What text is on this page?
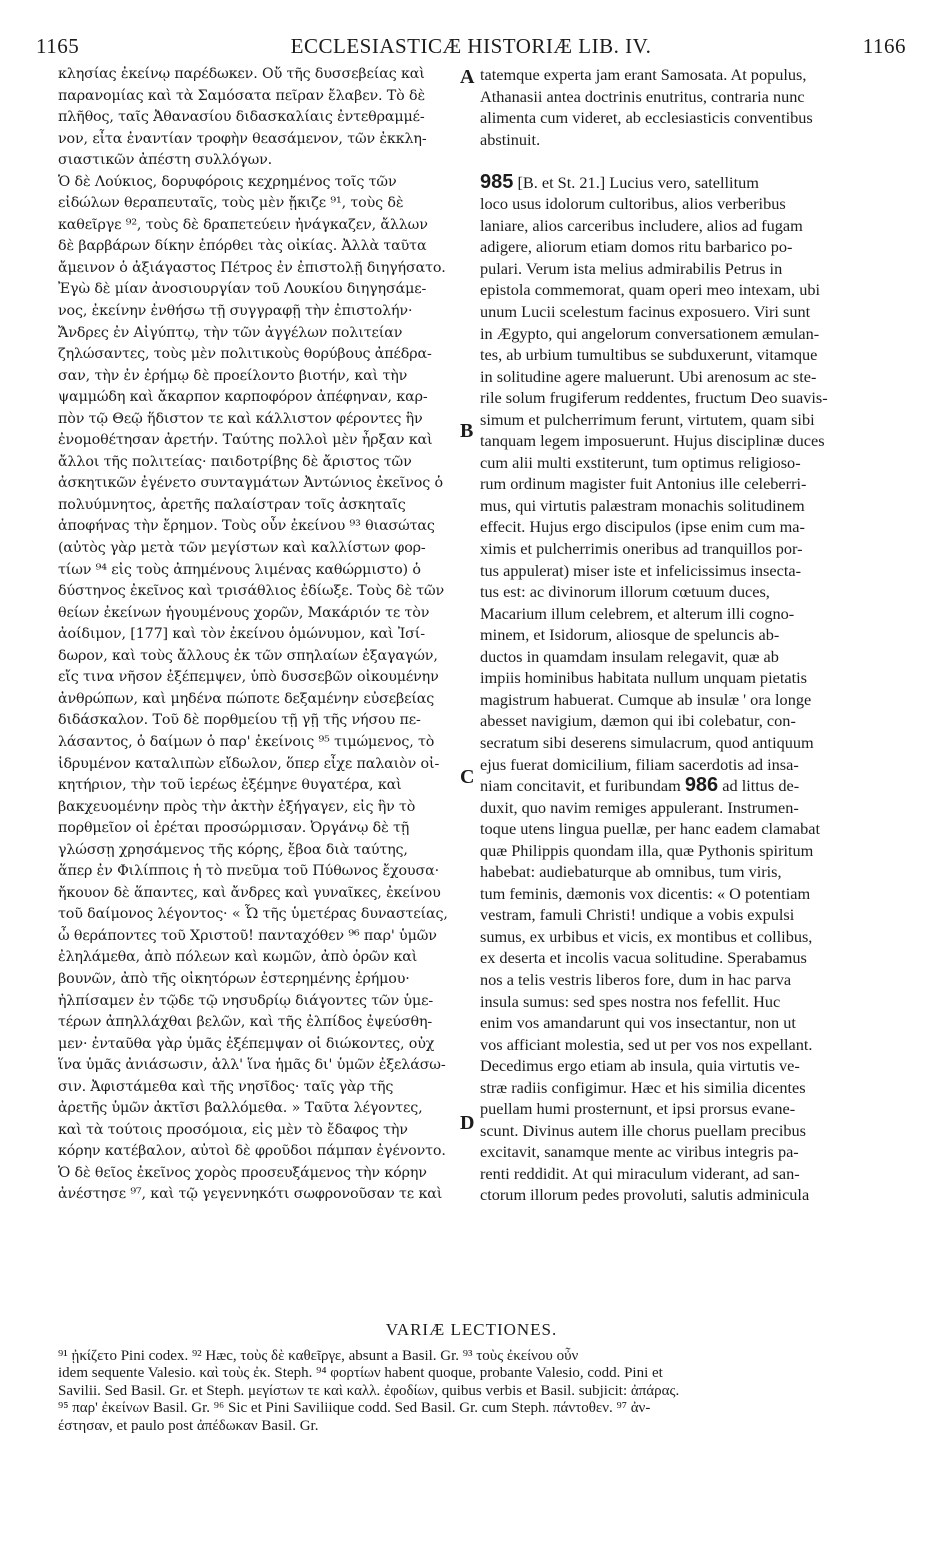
1165	ECCLESIASTICÆ HISTORIÆ LIB. IV.	1166
κλησίας ἐκείνῳ παρέδωκεν. Οὔ τῆς δυσσεβείας καὶ
παρανομίας καὶ τὰ Σαμόσατα πεῖραν ἔλαβεν. Τὸ δὲ
πλῆθος, ταῖς Ἀθανασίου διδασκαλίαις ἐντεθραμμέ-
νον, εἶτα ἐναντίαν τροφὴν θεασάμενον, τῶν ἐκκλη-
σιαστικῶν ἀπέστη συλλόγων.
Ὁ δὲ Λούκιος, δορυφόροις κεχρημένος τοῖς τῶν
εἰδώλων θεραπευταῖς, τοὺς μὲν ᾔκιζε ⁹¹, τοὺς δὲ
καθεῖργε ⁹², τοὺς δὲ δραπετεύειν ἠνάγκαζεν, ἄλλων
δὲ βαρβάρων δίκην ἐπόρθει τὰς οἰκίας. Ἀλλὰ ταῦτα
ἄμεινον ὁ ἀξιάγαστος Πέτρος ἐν ἐπιστολῇ διηγήσατο.
Ἐγὼ δὲ μίαν ἀνοσιουργίαν τοῦ Λουκίου διηγησάμε-
νος, ἐκείνην ἐνθήσω τῇ συγγραφῇ τὴν ἐπιστολήν·
Ἄνδρες ἐν Αἰγύπτῳ, τὴν τῶν ἀγγέλων πολιτείαν
ζηλώσαντες, τοὺς μὲν πολιτικοὺς θορύβους ἀπέδρα-
σαν, τὴν ἐν ἐρήμῳ δὲ προείλοντο βιοτήν, καὶ τὴν
ψαμμώδη καὶ ἄκαρπον καρποφόρον ἀπέφηναν, καρ-
πὸν τῷ Θεῷ ἥδιστον τε καὶ κάλλιστον φέροντες ἣν
ἐνομοθέτησαν ἀρετήν. Ταύτης πολλοὶ μὲν ἦρξαν καὶ
ἄλλοι τῆς πολιτείας· παιδοτρίβης δὲ ἄριστος τῶν
ἀσκητικῶν ἐγένετο συνταγμάτων Ἀντώνιος ἐκεῖνος ὁ
πολυύμνητος, ἀρετῆς παλαίστραν τοῖς ἀσκηταῖς
ἀποφήνας τὴν ἔρημον. Τοὺς οὖν ἐκείνου ⁹³ θιασώτας
(αὐτὸς γὰρ μετὰ τῶν μεγίστων καὶ καλλίστων φορ-
τίων ⁹⁴ εἰς τοὺς ἀπημένους λιμένας καθώρμιστο) ὁ
δύστηνος ἐκεῖνος καὶ τρισάθλιος ἐδίωξε. Τοὺς δὲ τῶν
θείων ἐκείνων ἡγουμένους χορῶν, Μακάριόν τε τὸν
ἀοίδιμον, [177] καὶ τὸν ἐκείνου ὁμώνυμον, καὶ Ἰσί-
δωρον, καὶ τοὺς ἄλλους ἐκ τῶν σπηλαίων ἐξαγαγών,
εἴς τινα νῆσον ἐξέπεμψεν, ὑπὸ δυσσεβῶν οἰκουμένην
ἀνθρώπων, καὶ μηδένα πώποτε δεξαμένην εὐσεβείας
διδάσκαλον. Τοῦ δὲ πορθμείου τῇ γῇ τῆς νήσου πε-
λάσαντος, ὁ δαίμων ὁ παρ' ἐκείνοις ⁹⁵ τιμώμενος, τὸ
ἱδρυμένον καταλιπὼν εἴδωλον, ὅπερ εἶχε παλαιὸν οἰ-
κητήριον, τὴν τοῦ ἱερέως ἐξέμηνε θυγατέρα, καὶ
βακχευομένην πρὸς τὴν ἀκτὴν ἐξήγαγεν, εἰς ἣν τὸ
πορθμεῖον οἱ ἐρέται προσώρμισαν. Ὀργάνῳ δὲ τῇ
γλώσσῃ χρησάμενος τῆς κόρης, ἔβοα διὰ ταύτης,
ἅπερ ἐν Φιλίπποις ἡ τὸ πνεῦμα τοῦ Πύθωνος ἔχουσα·
ἤκουον δὲ ἅπαντες, καὶ ἄνδρες καὶ γυναῖκες, ἐκείνου
τοῦ δαίμονος λέγοντος· « Ὦ τῆς ὑμετέρας δυναστείας,
ὦ θεράποντες τοῦ Χριστοῦ! πανταχόθεν ⁹⁶ παρ' ὑμῶν
ἐληλάμεθα, ἀπὸ πόλεων καὶ κωμῶν, ἀπὸ ὀρῶν καὶ
βουνῶν, ἀπὸ τῆς οἰκητόρων ἐστερημένης ἐρήμου·
ἠλπίσαμεν ἐν τῷδε τῷ νησυδρίῳ διάγοντες τῶν ὑμε-
τέρων ἀπηλλάχθαι βελῶν, καὶ τῆς ἐλπίδος ἐψεύσθη-
μεν· ἐνταῦθα γὰρ ὑμᾶς ἐξέπεμψαν οἱ διώκοντες, οὐχ
ἵνα ὑμᾶς ἀνιάσωσιν, ἀλλ' ἵνα ἡμᾶς δι' ὑμῶν ἐξελάσω-
σιν. Ἀφιστάμεθα καὶ τῆς νησῖδος· ταῖς γὰρ τῆς
ἀρετῆς ὑμῶν ἀκτῖσι βαλλόμεθα. » Ταῦτα λέγοντες,
καὶ τὰ τούτοις προσόμοια, εἰς μὲν τὸ ἔδαφος τὴν
κόρην κατέβαλον, αὐτοὶ δὲ φροῦδοι πάμπαν ἐγένοντο.
Ὁ δὲ θεῖος ἐκεῖνος χορὸς προσευξάμενος τὴν κόρην
ἀνέστησε ⁹⁷, καὶ τῷ γεγεννηκότι σωφρονοῦσαν τε καὶ
tatemque experta jam erant Samosata. At populus,
Athanasii antea doctrinis enutritus, contraria nunc
alimenta cum videret, ab ecclesiasticis conventibus
abstinuit.
985 [B. et St. 21.] Lucius vero, satellitum
loco usus idolorum cultoribus, alios verberibus
laniare, alios carceribus includere, alios ad fugam
adigere, aliorum etiam domos ritu barbarico po-
pulari. Verum ista melius admirabilis Petrus in
epistola commemorat, quam operi meo intexam, ubi
unum Lucii scelestum facinus exposuero. Viri sunt
in Ægypto, qui angelorum conversationem æmulan-
tes, ab urbium tumultibus se subduxerunt, vitamque
in solitudine agere maluerunt. Ubi arenosum ac ste-
rile solum frugiferum reddentes, fructum Deo suavis-
simum et pulcherrimum ferunt, virtutem, quam sibi
tanquam legem imposuerunt. Hujus disciplinæ duces
cum alii multi exstiterunt, tum optimus religioso-
rum ordinum magister fuit Antonius ille celeberri-
mus, qui virtutis palæstram monachis solitudinem
effecit. Hujus ergo discipulos (ipse enim cum ma-
ximis et pulcherrimis oneribus ad tranquillos por-
tus appulerat) miser iste et infelicissimus insecta-
tus est: ac divinorum illorum cœtuum duces,
Macarium illum celebrem, et alterum illi cogno-
minem, et Isidorum, aliosque de speluncis ab-
ductos in quamdam insulam relegavit, quæ ab
impiis hominibus habitata nullum unquam pietatis
magistrum habuerat. Cumque ab insulæ ' ora longe
abesset navigium, dæmon qui ibi colebatur, con-
secratum sibi deserens simulacrum, quod antiquum
ejus fuerat domicilium, filiam sacerdotis ad insa-
niam concitavit, et furibundam 986 ad littus de-
duxit, quo navim remiges appulerant. Instrumen-
toque utens lingua puellæ, per hanc eadem clamabat
quæ Philippis quondam illa, quæ Pythonis spiritum
habebat: audiebaturque ab omnibus, tum viris,
tum feminis, dæmonis vox dicentis: « O potentiam
vestram, famuli Christi! undique a vobis expulsi
sumus, ex urbibus et vicis, ex montibus et collibus,
ex deserta et incolis vacua solitudine. Sperabamus
nos a telis vestris liberos fore, dum in hac parva
insula sumus: sed spes nostra nos fefellit. Huc
enim vos amandarunt qui vos insectantur, non ut
vos afficiant molestia, sed ut per vos nos expellant.
Decedimus ergo etiam ab insula, quia virtutis ve-
stræ radiis configimur. Hæc et his similia dicentes
puellam humi prosternunt, et ipsi prorsus evane-
scunt. Divinus autem ille chorus puellam precibus
excitavit, sanamque mente ac viribus integris pa-
renti reddidit. At qui miraculum viderant, ad san-
ctorum illorum pedes provoluti, salutis adminicula
A
B
C
D
VARIÆ LECTIONES.
⁹¹ ᾐκίζετο Pini codex. ⁹² Hæc, τοὺς δὲ καθεῖργε, absunt a Basil. Gr. ⁹³ τοὺς ἐκείνου οὖν
idem sequente Valesio. καὶ τοὺς ἐκ. Steph. ⁹⁴ φορτίων habent quoque, probante Valesio, codd. Pini et
Savilii. Sed Basil. Gr. et Steph. μεγίστων τε καὶ καλλ. ἐφοδίων, quibus verbis et Basil. subjicit: ἀπάρας.
⁹⁵ παρ' ἐκείνων Basil. Gr. ⁹⁶ Sic et Pini Saviliique codd. Sed Basil. Gr. cum Steph. πάντοθεν. ⁹⁷ ἀν-
έστησαν, et paulo post ἀπέδωκαν Basil. Gr.
